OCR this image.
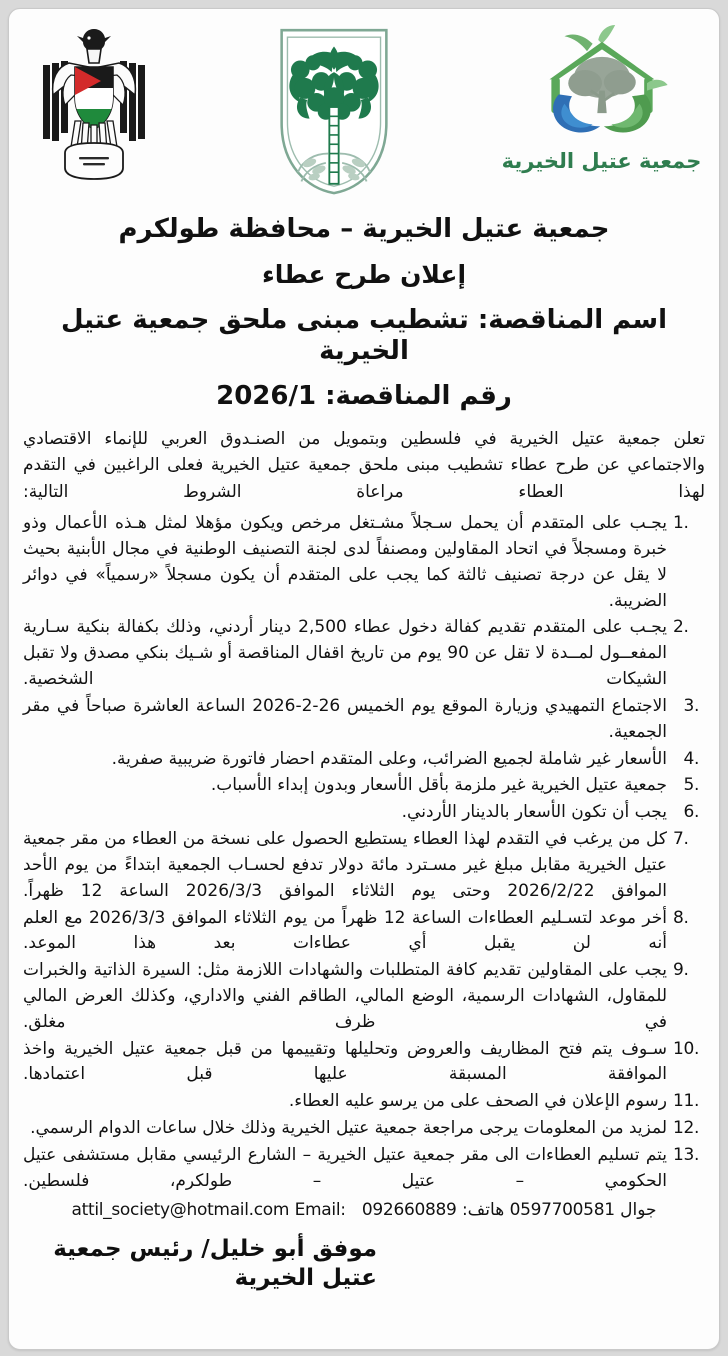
جمعية عتيل الخيرية
جمعية عتيل الخيرية – محافظة طولكرم
إعلان طرح عطاء
اسم المناقصة: تشطيب مبنى ملحق جمعية عتيل الخيرية
رقم المناقصة: 2026/1

تعلن جمعية عتيل الخيرية في فلسطين وبتمويل من الصنـدوق العربي للإنماء الاقتصادي والاجتماعي عن طرح عطاء تشطيب مبنى ملحق جمعية عتيل الخيرية فعلى الراغبين في التقدم لهذا العطاء مراعاة الشروط التالية:

يجـب على المتقدم أن يحمل سـجلاً مشـتغل مرخص ويكون مؤهلا لمثل هـذه الأعمال وذو خبرة ومسجلاً في اتحاد المقاولين ومصنفاً لدى لجنة التصنيف الوطنية في مجال الأبنية بحيث لا يقل عن درجة تصنيف ثالثة كما يجب على المتقدم أن يكون مسجلاً «رسمياً» في دوائر الضريبة.
يجـب على المتقدم تقديم كفالة دخول عطاء 2,500 دينار أردني، وذلك بكفالة بنكية سـارية المفعــول لمــدة لا تقل عن 90 يوم من تاريخ اقفال المناقصة أو شـيك بنكي مصدق ولا تقبل الشيكات الشخصية.
الاجتماع التمهيدي وزيارة الموقع يوم الخميس 26-2-2026 الساعة العاشرة صباحاً في مقر الجمعية.
الأسعار غير شاملة لجميع الضرائب، وعلى المتقدم احضار فاتورة ضريبية صفرية.
جمعية عتيل الخيرية غير ملزمة بأقل الأسعار وبدون إبداء الأسباب.
يجب أن تكون الأسعار بالدينار الأردني.
كل من يرغب في التقدم لهذا العطاء يستطيع الحصول على نسخة من العطاء من مقر جمعية عتيل الخيرية مقابل مبلغ غير مسـترد مائة دولار تدفع لحسـاب الجمعية ابتداءً من يوم الأحد الموافق 2026/2/22 وحتى يوم الثلاثاء الموافق 2026/3/3 الساعة 12 ظهراً.
أخر موعد لتسـليم العطاءات الساعة 12 ظهراً من يوم الثلاثاء الموافق 2026/3/3 مع العلم أنه لن يقبل أي عطاءات بعد هذا الموعد.
يجب على المقاولين تقديم كافة المتطلبات والشهادات اللازمة مثل: السيرة الذاتية والخبرات للمقاول، الشهادات الرسمية، الوضع المالي، الطاقم الفني والاداري، وكذلك العرض المالي في ظرف مغلق.
سـوف يتم فتح المظاريف والعروض وتحليلها وتقييمها من قبل جمعية عتيل الخيرية واخذ الموافقة المسبقة عليها قبل اعتمادها.
رسوم الإعلان في الصحف على من يرسو عليه العطاء.
لمزيد من المعلومات يرجى مراجعة جمعية عتيل الخيرية وذلك خلال ساعات الدوام الرسمي.
يتم تسليم العطاءات الى مقر جمعية عتيل الخيرية – الشارع الرئيسي مقابل مستشفى عتيل الحكومي – عتيل – طولكرم، فلسطين.
جوال 0597700581 هاتف: 092660889   Email: attil_society@hotmail.com
موفق أبو خليل/ رئيس جمعية عتيل الخيرية
